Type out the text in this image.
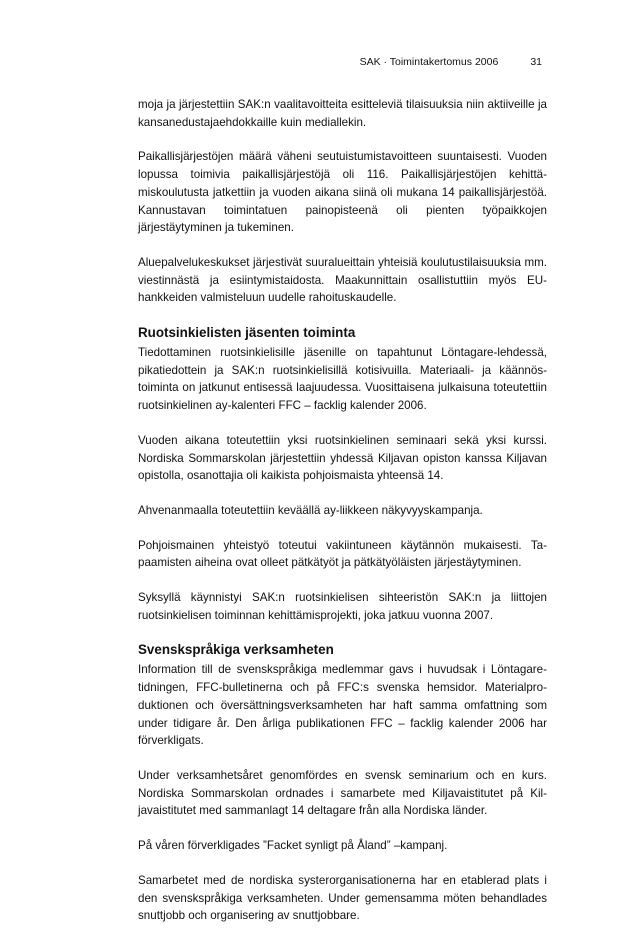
SAK · Toimintakertomus 2006	31

moja ja järjestettiin SAK:n vaalitavoitteita esitteleviä tilaisuuksia niin aktiiveille ja kansanedustajaehdokkaille kuin mediallekin.

Paikallisjärjestöjen määrä väheni seutuistumistavoitteen suuntaisesti. Vuoden lopussa toimivia paikallisjärjestöjä oli 116. Paikallisjärjestöjen kehittämiskoulutusta jatkettiin ja vuoden aikana siinä oli mukana 14 paikallisjärjestöä. Kannustavan toimintatuen painopisteenä oli pienten työpaikkojen järjestäytyminen ja tukeminen.

Aluepalvelukeskukset järjestivät suuralueittain yhteisiä koulutustilaisuuksia mm. viestinnästä ja esiintymistaidosta. Maakunnittain osallistuttiin myös EU-hankkeiden valmisteluun uudelle rahoituskaudelle.

Ruotsinkielisten jäsenten toiminta

Tiedottaminen ruotsinkielisille jäsenille on tapahtunut Löntagare-lehdessä, pikatiedottein ja SAK:n ruotsinkielisillä kotisivuilla. Materiaali- ja käännöstoiminta on jatkunut entisessä laajuudessa. Vuosittaisena julkaisuna toteutettiin ruotsinkielinen ay-kalenteri FFC – facklig kalender 2006.

Vuoden aikana toteutettiin yksi ruotsinkielinen seminaari sekä yksi kurssi. Nordiska Sommarskolan järjestettiin yhdessä Kiljavan opiston kanssa Kiljavan opistolla, osanottajia oli kaikista pohjoismaista yhteensä 14.

Ahvenanmaalla toteutettiin keväällä ay-liikkeen näkyvyyskampanja.

Pohjoismainen yhteistyö toteutui vakiintuneen käytännön mukaisesti. Tapaamisten aiheina ovat olleet pätkätyöt ja pätkätyöläisten järjestäytyminen.

Syksyllä käynnistyi SAK:n ruotsinkielisen sihteeristön SAK:n ja liittojen ruotsinkielisen toiminnan kehittämisprojekti, joka jatkuu vuonna 2007.

Svenskspråkiga verksamheten

Information till de svenskspråkiga medlemmar gavs i huvudsak i Löntagaretidningen, FFC-bulletinerna och på FFC:s svenska hemsidor. Materialproduktionen och översättningsverksamheten har haft samma omfattning som under tidigare år. Den årliga publikationen FFC – facklig kalender 2006 har förverkligats.

Under verksamhetsåret genomfördes en svensk seminarium och en kurs. Nordiska Sommarskolan ordnades i samarbete med Kiljavaistitutet på Kiljavaistitutet med sammanlagt 14 deltagare från alla Nordiska länder.

På våren förverkligades ”Facket synligt på Åland” –kampanj.

Samarbetet med de nordiska systerorganisationerna har en etablerad plats i den svenskspråkiga verksamheten. Under gemensamma möten behandlades snuttjobb och organisering av snuttjobbare.
